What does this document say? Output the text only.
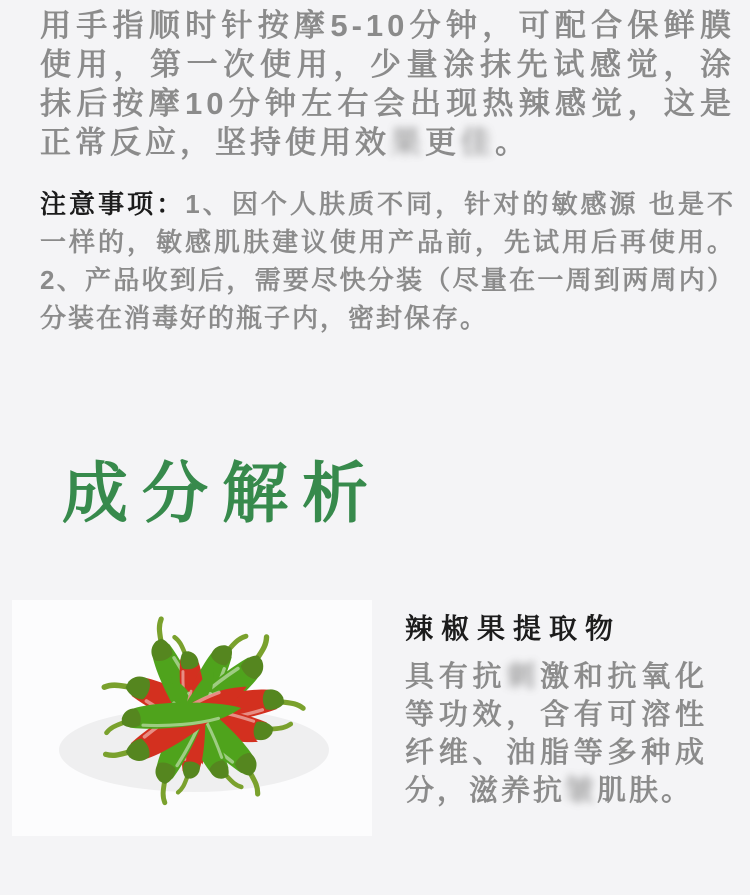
用手指顺时针按摩5-10分钟，可配合保鲜膜使用，第一次使用，少量涂抹先试感觉，涂抹后按摩10分钟左右会出现热辣感觉，这是正常反应，坚持使用效果更佳。

注意事项：1、因个人肤质不同，针对的敏感源 也是不一样的，敏感肌肤建议使用产品前，先试用后再使用。2、产品收到后，需要尽快分装（尽量在一周到两周内）分装在消毒好的瓶子内，密封保存。

成分解析
辣椒果提取物

具有抗刺激和抗氧化等功效，含有可溶性纤维、油脂等多种成分，滋养抗皱肌肤。
